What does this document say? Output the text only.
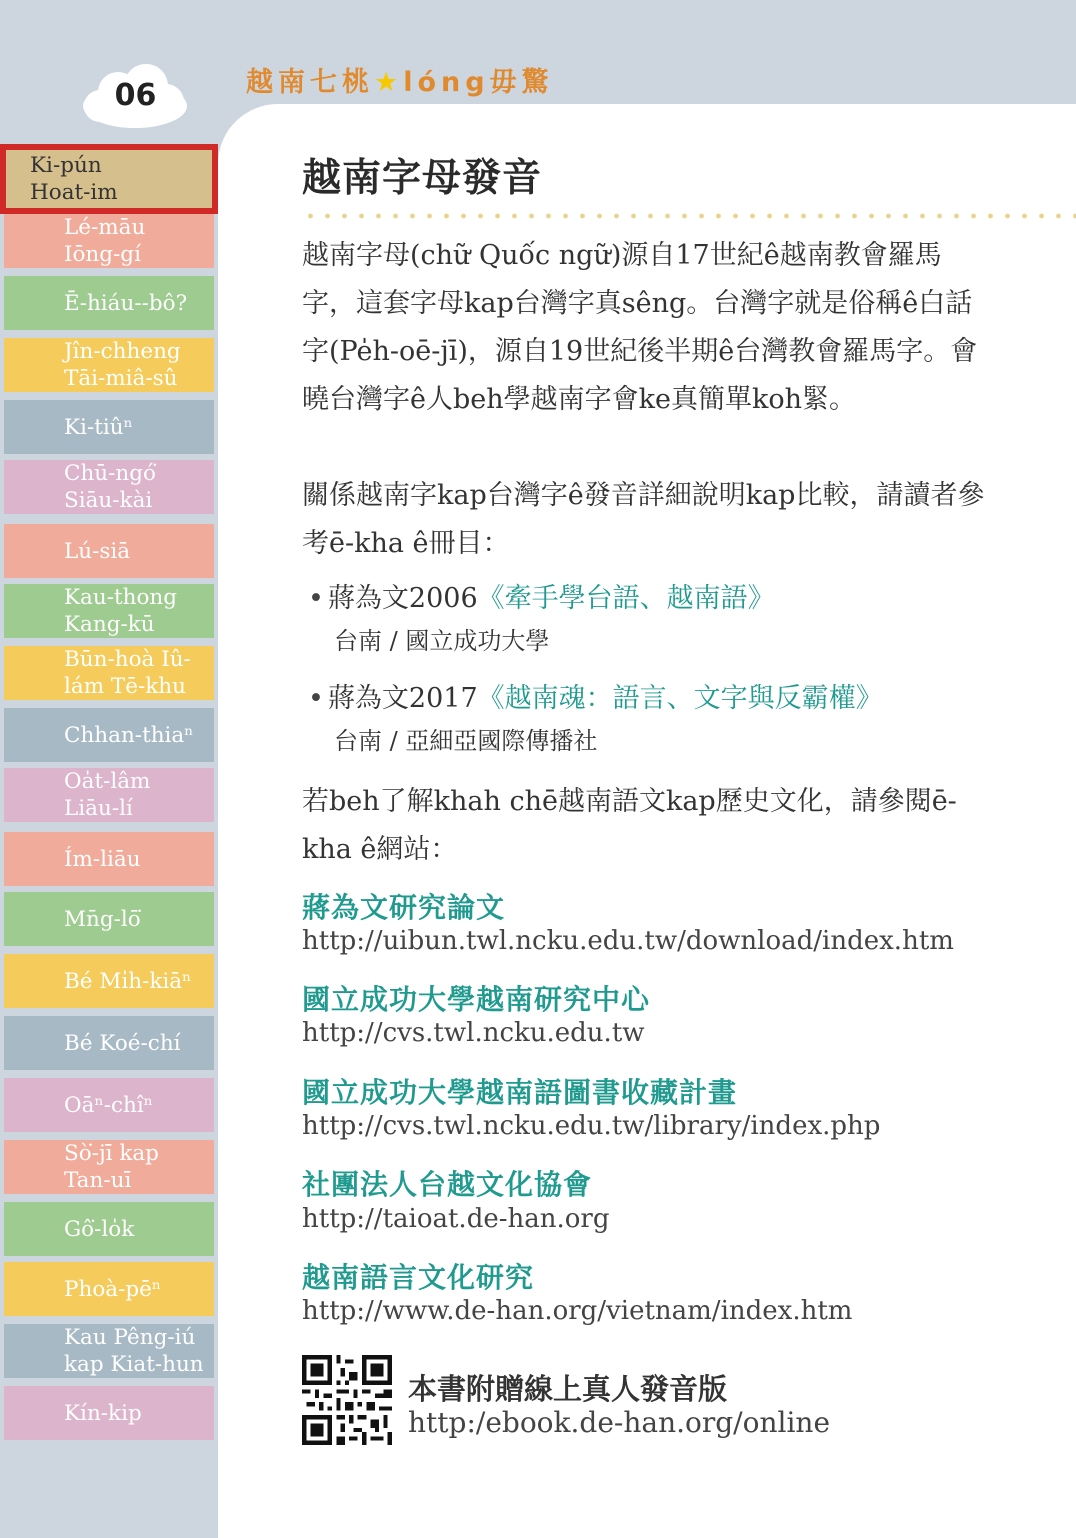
06	越南七桃★lóng毋驚
Ki-pún
Hoat-im
Lé-māu
Iōng-gí
Ē-hiáu--bô?
Jîn-chheng
Tāi-miâ-sû
Ki-tiûⁿ
Chū-ngó͘
Siāu-kài
Lú-siā
Kau-thong
Kang-kū
Būn-hoà Iû-
lám Tē-khu
Chhan-thiaⁿ
Oa̍t-lâm
Liāu-lí
Ím-liāu
Mn̄g-lō͘
Bé Mi̍h-kiāⁿ
Bé Koé-chí
Oāⁿ-chîⁿ
Sò͘-jī kap
Tan-uī
Gô͘-lo̍k
Phoà-pēⁿ
Kau Pêng-iú
kap Kiat-hun
Kín-kip
越南字母發音
越南字母(chữ Quốc ngữ)源自17世紀ê越南教會羅馬字，這套字母kap台灣字真sêng。台灣字就是俗稱ê白話字(Pe̍h-oē-jī)，源自19世紀後半期ê台灣教會羅馬字。會曉台灣字ê人beh學越南字會ke真簡單koh緊。
關係越南字kap台灣字ê發音詳細說明kap比較，請讀者參考ē-kha ê冊目：
• 蔣為文2006《牽手學台語、越南語》
台南 / 國立成功大學
• 蔣為文2017《越南魂：語言、文字與反霸權》
台南 / 亞細亞國際傳播社
若beh了解khah chē越南語文kap歷史文化，請參閱ē-kha ê網站：
蔣為文研究論文
http://uibun.twl.ncku.edu.tw/download/index.htm
國立成功大學越南研究中心
http://cvs.twl.ncku.edu.tw
國立成功大學越南語圖書收藏計畫
http://cvs.twl.ncku.edu.tw/library/index.php
社團法人台越文化協會
http://taioat.de-han.org
越南語言文化研究
http://www.de-han.org/vietnam/index.htm
本書附贈線上真人發音版
http:/ebook.de-han.org/online
